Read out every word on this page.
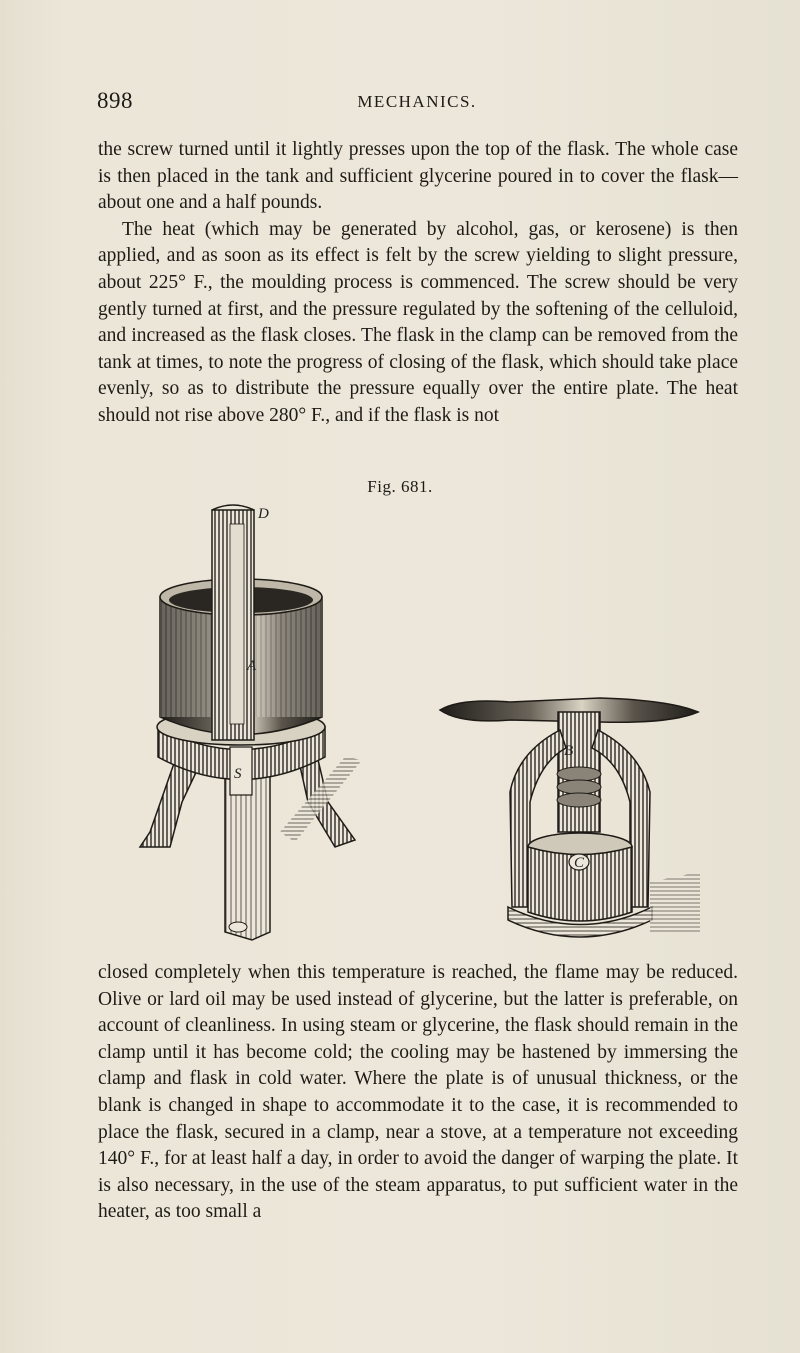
898	MECHANICS.

the screw turned until it lightly presses upon the top of the flask. The whole case is then placed in the tank and sufficient glycerine poured in to cover the flask—about one and a half pounds.

The heat (which may be generated by alcohol, gas, or kerosene) is then applied, and as soon as its effect is felt by the screw yielding to slight pressure, about 225° F., the moulding process is commenced. The screw should be very gently turned at first, and the pressure regulated by the softening of the celluloid, and increased as the flask closes. The flask in the clamp can be removed from the tank at times, to note the progress of closing of the flask, which should take place evenly, so as to distribute the pressure equally over the entire plate. The heat should not rise above 280° F., and if the flask is not

Fig. 681.
D
A
S
B
C

closed completely when this temperature is reached, the flame may be reduced. Olive or lard oil may be used instead of glycerine, but the latter is preferable, on account of cleanliness. In using steam or glycerine, the flask should remain in the clamp until it has become cold; the cooling may be hastened by immersing the clamp and flask in cold water. Where the plate is of unusual thickness, or the blank is changed in shape to accommodate it to the case, it is recommended to place the flask, secured in a clamp, near a stove, at a temperature not exceeding 140° F., for at least half a day, in order to avoid the danger of warping the plate. It is also necessary, in the use of the steam apparatus, to put sufficient water in the heater, as too small a
